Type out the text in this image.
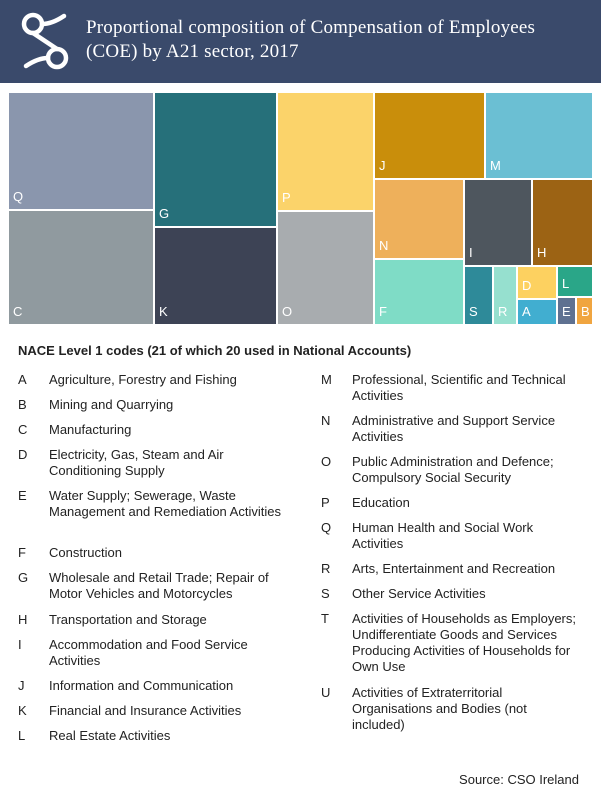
Proportional composition of Compensation of Employees (COE) by A21 sector, 2017
Q
C
G
K
P
O
J	M
N	I	H
F	S R
D L
A E B
NACE Level 1 codes (21 of which 20 used in National Accounts)
A	Agriculture, Forestry and Fishing
B	Mining and Quarrying
C	Manufacturing
D	Electricity, Gas, Steam and Air Conditioning Supply
E	Water Supply; Sewerage, Waste Management and Remediation Activities
F	Construction
G	Wholesale and Retail Trade; Repair of Motor Vehicles and Motorcycles
H	Transportation and Storage
I	Accommodation and Food Service Activities
J	Information and Communication
K	Financial and Insurance Activities
L	Real Estate Activities
M	Professional, Scientific and Technical Activities
N	Administrative and Support Service Activities
O	Public Administration and Defence; Compulsory Social Security
P	Education
Q	Human Health and Social Work Activities
R	Arts, Entertainment and Recreation
S	Other Service Activities
T	Activities of Households as Employers; Undifferentiate Goods and Services Producing Activities of Households for Own Use
U	Activities of Extraterritorial Organisations and Bodies (not included)
Source: CSO Ireland
